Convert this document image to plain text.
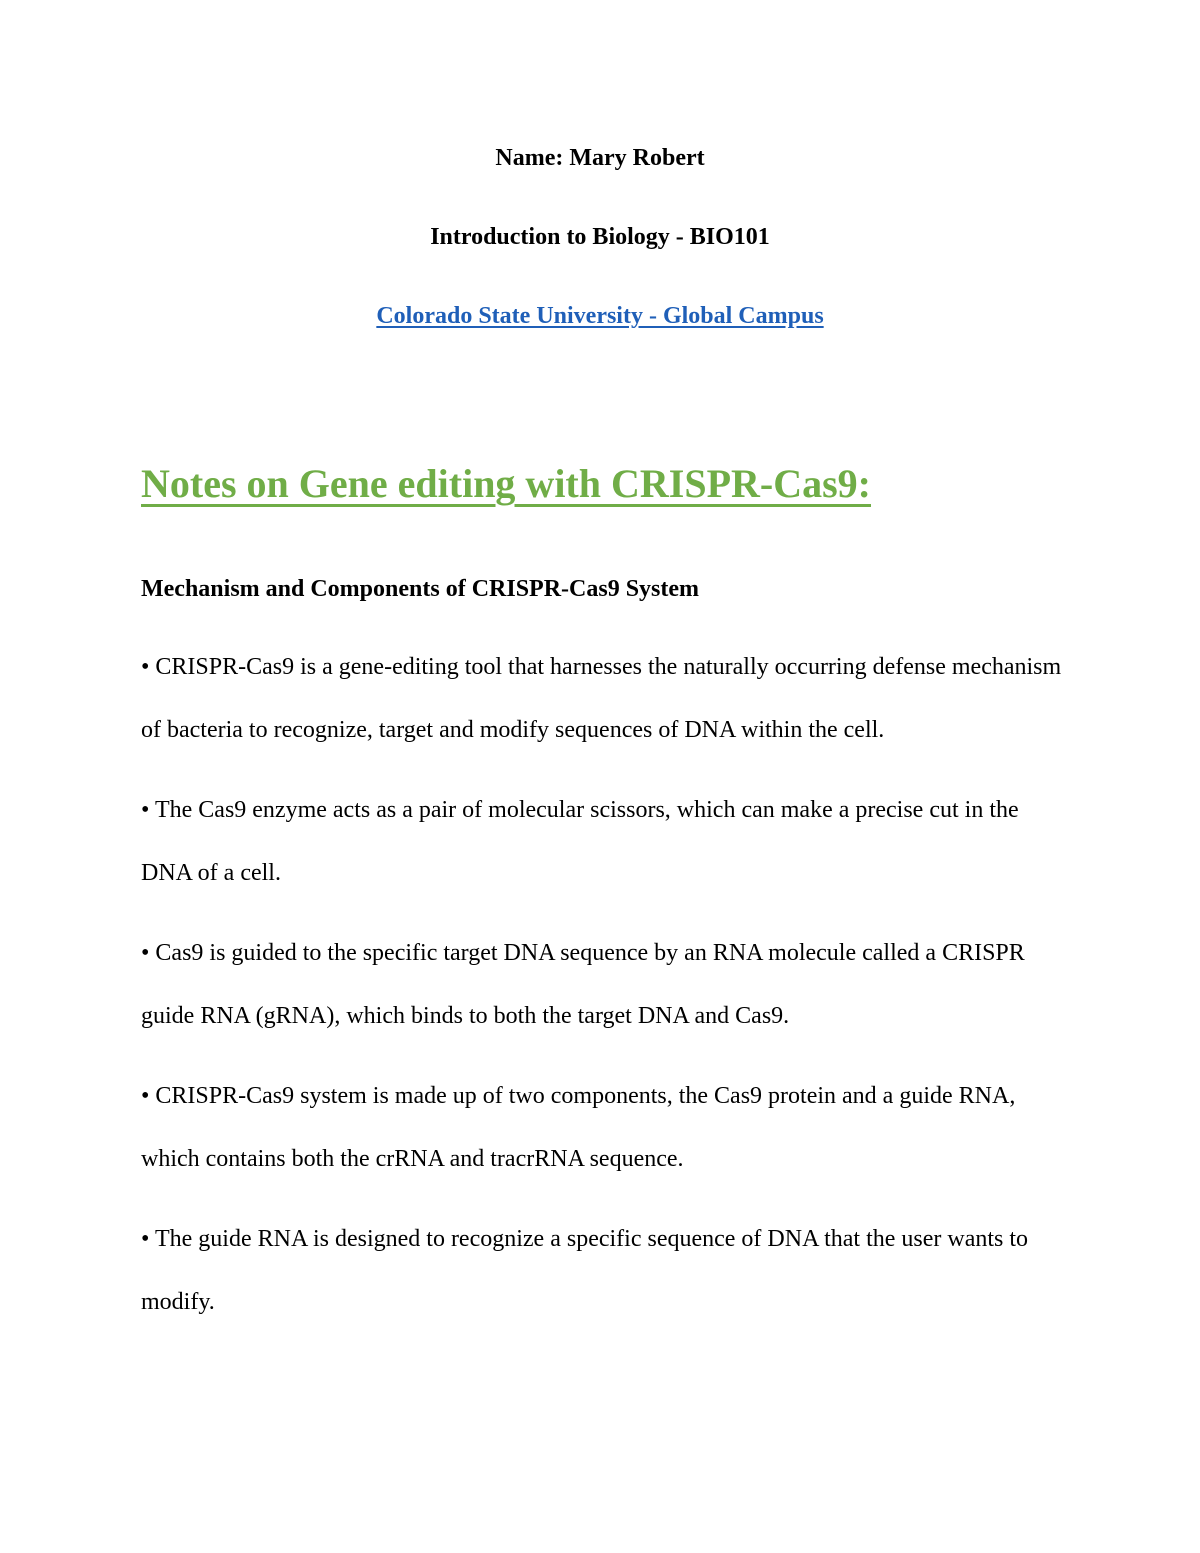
Name: Mary Robert

Introduction to Biology - BIO101

Colorado State University - Global Campus

Notes on Gene editing with CRISPR-Cas9:
Mechanism and Components of CRISPR-Cas9 System
• CRISPR-Cas9 is a gene-editing tool that harnesses the naturally occurring defense mechanism of bacteria to recognize, target and modify sequences of DNA within the cell.
• The Cas9 enzyme acts as a pair of molecular scissors, which can make a precise cut in the DNA of a cell.
• Cas9 is guided to the specific target DNA sequence by an RNA molecule called a CRISPR guide RNA (gRNA), which binds to both the target DNA and Cas9.
• CRISPR-Cas9 system is made up of two components, the Cas9 protein and a guide RNA, which contains both the crRNA and tracrRNA sequence.
• The guide RNA is designed to recognize a specific sequence of DNA that the user wants to modify.
